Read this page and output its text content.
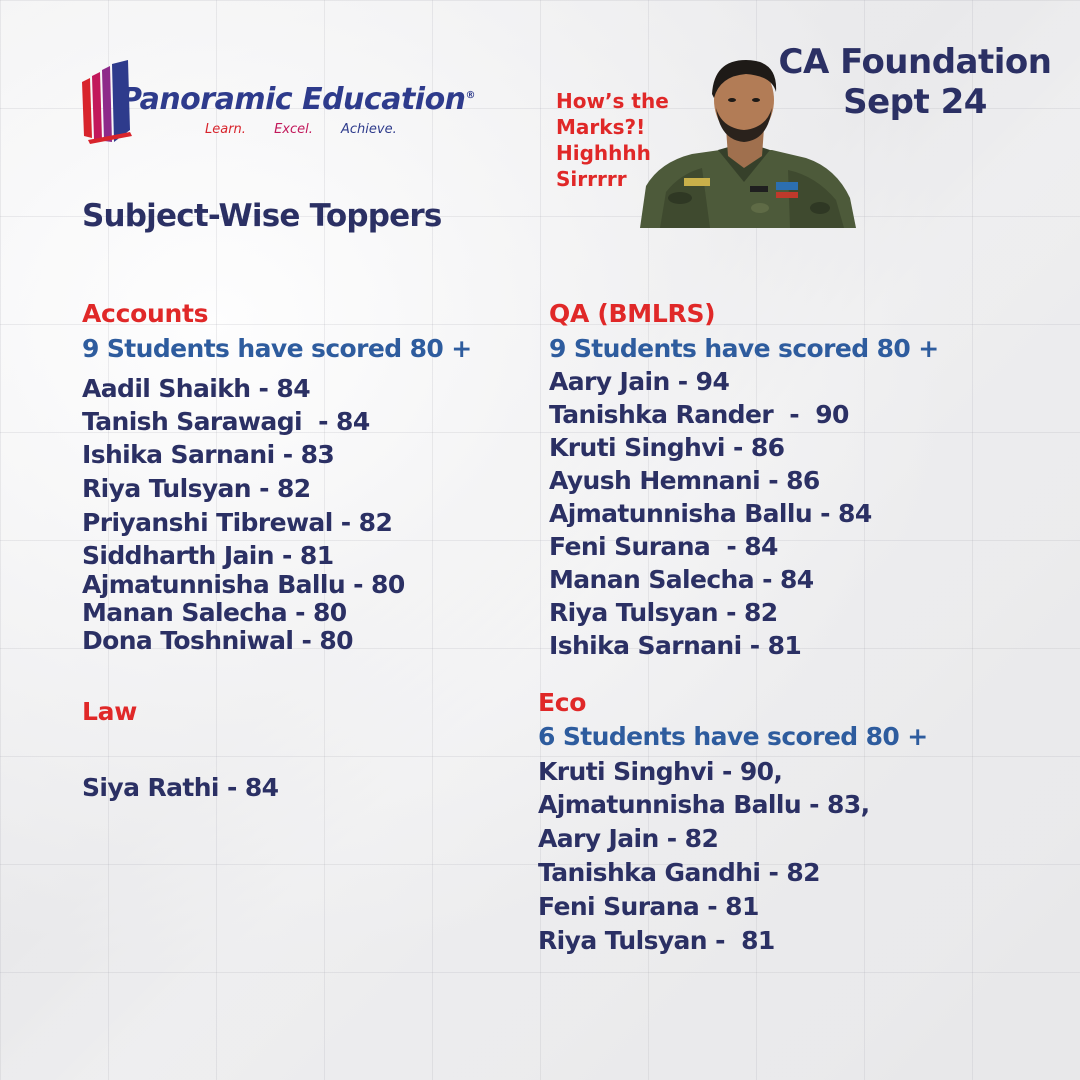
Panoramic Education®
Learn. Excel. Achieve.
How’s the
Marks?!
Highhhh
Sirrrrr
CA Foundation
Sept 24
Subject-Wise Toppers
Accounts
9 Students have scored 80 +
Aadil Shaikh - 84
Tanish Sarawagi  - 84
Ishika Sarnani - 83
Riya Tulsyan - 82
Priyanshi Tibrewal - 82
Siddharth Jain - 81
Ajmatunnisha Ballu - 80
Manan Salecha - 80
Dona Toshniwal - 80
QA (BMLRS)
9 Students have scored 80 +
Aary Jain - 94
Tanishka Rander  -  90
Kruti Singhvi - 86
Ayush Hemnani - 86
Ajmatunnisha Ballu - 84
Feni Surana  - 84
Manan Salecha - 84
Riya Tulsyan - 82
Ishika Sarnani - 81
Law
Siya Rathi - 84
Eco
6 Students have scored 80 +
Kruti Singhvi - 90,
Ajmatunnisha Ballu - 83,
Aary Jain - 82
Tanishka Gandhi - 82
Feni Surana - 81
Riya Tulsyan -  81
